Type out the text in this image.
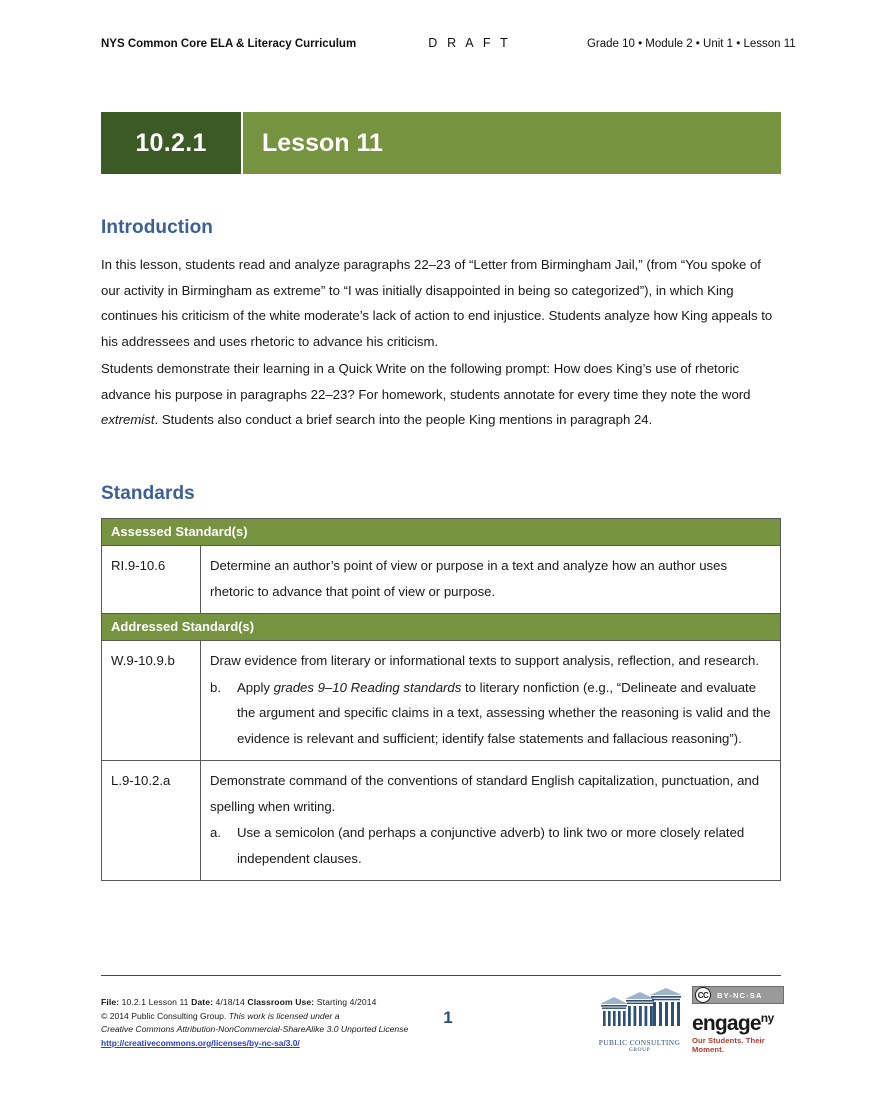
NYS Common Core ELA & Literacy Curriculum	D R A F T	Grade 10 • Module 2 • Unit 1 • Lesson 11
10.2.1	Lesson 11
Introduction
In this lesson, students read and analyze paragraphs 22–23 of “Letter from Birmingham Jail,” (from “You spoke of our activity in Birmingham as extreme” to “I was initially disappointed in being so categorized”), in which King continues his criticism of the white moderate’s lack of action to end injustice. Students analyze how King appeals to his addressees and uses rhetoric to advance his criticism.
Students demonstrate their learning in a Quick Write on the following prompt: How does King’s use of rhetoric advance his purpose in paragraphs 22–23? For homework, students annotate for every time they note the word extremist. Students also conduct a brief search into the people King mentions in paragraph 24.
Standards
Assessed Standard(s)	
RI.9-10.6	Determine an author’s point of view or purpose in a text and analyze how an author uses rhetoric to advance that point of view or purpose.
Addressed Standard(s)	
W.9-10.9.b	Draw evidence from literary or informational texts to support analysis, reflection, and research.
b.	Apply grades 9–10 Reading standards to literary nonfiction (e.g., “Delineate and evaluate the argument and specific claims in a text, assessing whether the reasoning is valid and the evidence is relevant and sufficient; identify false statements and fallacious reasoning”).

L.9-10.2.a	Demonstrate command of the conventions of standard English capitalization, punctuation, and spelling when writing.
a.	Use a semicolon (and perhaps a conjunctive adverb) to link two or more closely related independent clauses.
File: 10.2.1 Lesson 11 Date: 4/18/14 Classroom Use: Starting 4/2014
© 2014 Public Consulting Group. This work is licensed under a
Creative Commons Attribution-NonCommercial-ShareAlike 3.0 Unported License
http://creativecommons.org/licenses/by-nc-sa/3.0/
1
PUBLIC CONSULTING
GROUP
CC	BY-NC-SA
engage$^{ny}$
Our Students. Their Moment.
